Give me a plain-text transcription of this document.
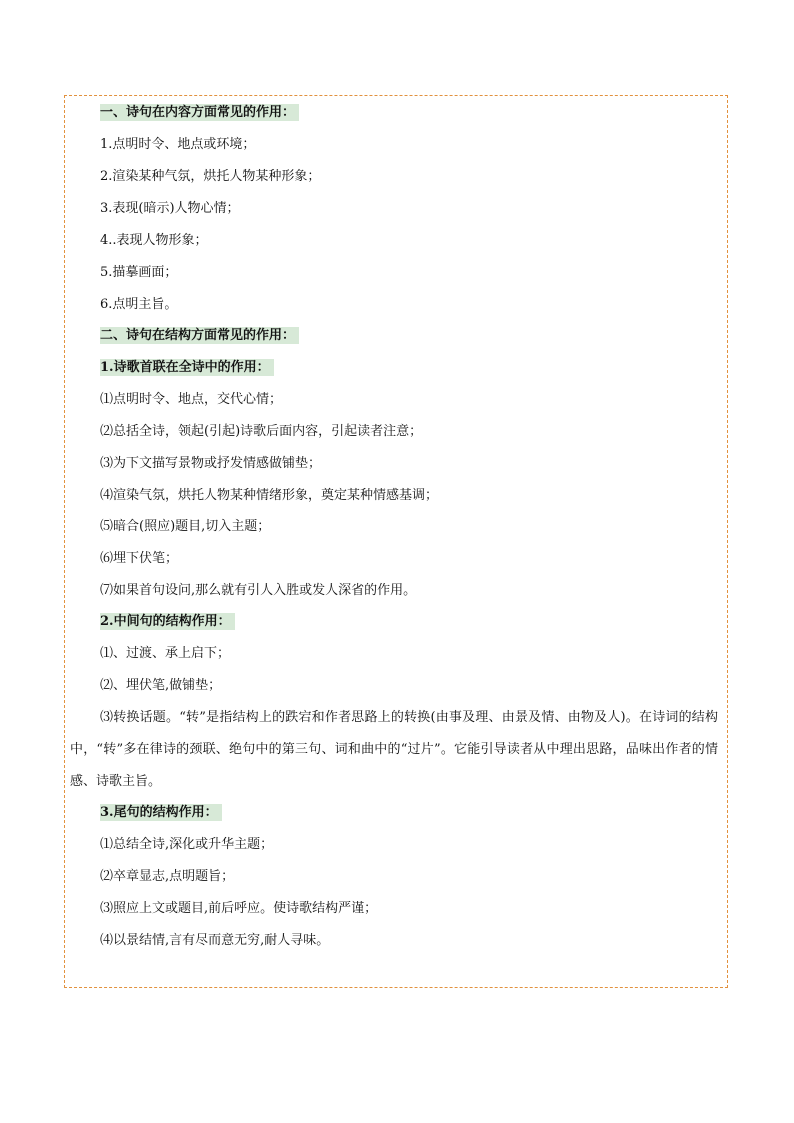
一、诗句在内容方面常见的作用：
1.点明时令、地点或环境；
2.渲染某种气氛，烘托人物某种形象；
3.表现(暗示)人物心情；
4..表现人物形象；
5.描摹画面；
6.点明主旨。
二、诗句在结构方面常见的作用：
1.诗歌首联在全诗中的作用：
⑴点明时令、地点，交代心情；
⑵总括全诗，领起(引起)诗歌后面内容，引起读者注意；
⑶为下文描写景物或抒发情感做铺垫；
⑷渲染气氛，烘托人物某种情绪形象，奠定某种情感基调；
⑸暗合(照应)题目,切入主题；
⑹埋下伏笔；
⑺如果首句设问,那么就有引人入胜或发人深省的作用。
2.中间句的结构作用：
⑴、过渡、承上启下；
⑵、埋伏笔,做铺垫；
⑶转换话题。“转”是指结构上的跌宕和作者思路上的转换(由事及理、由景及情、由物及人)。在诗词的结构中，“转”多在律诗的颈联、绝句中的第三句、词和曲中的“过片”。它能引导读者从中理出思路，品味出作者的情感、诗歌主旨。
3.尾句的结构作用：
⑴总结全诗,深化或升华主题；
⑵卒章显志,点明题旨；
⑶照应上文或题目,前后呼应。使诗歌结构严谨；
⑷以景结情,言有尽而意无穷,耐人寻味。
